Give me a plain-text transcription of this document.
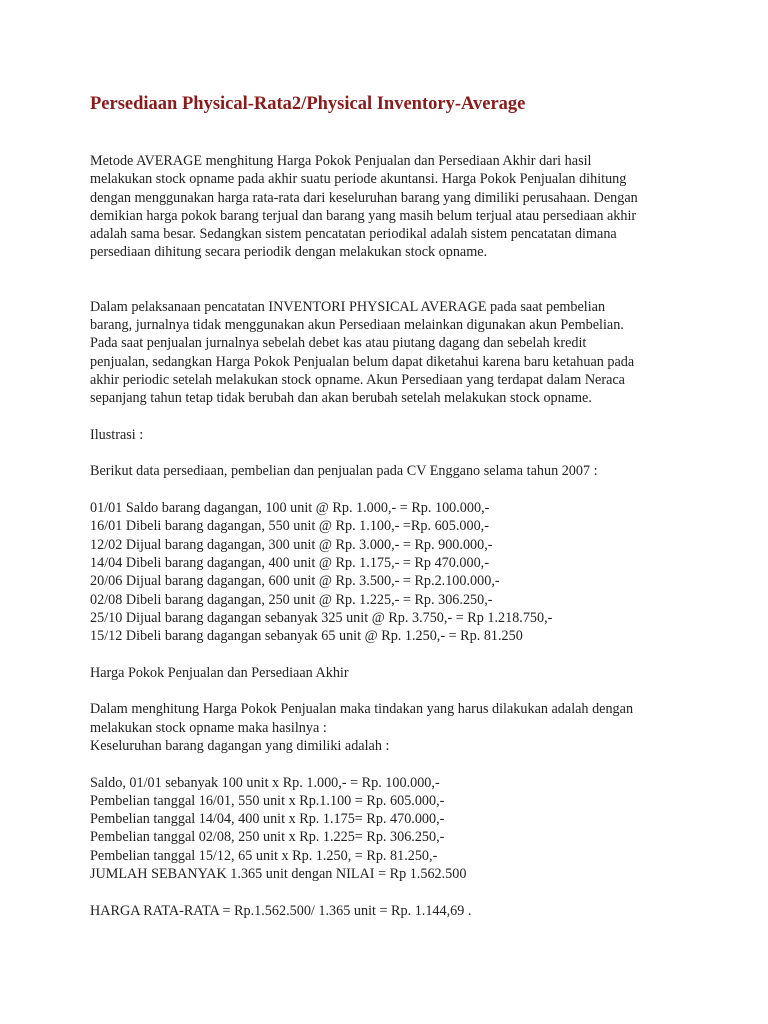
Persediaan Physical-Rata2/Physical Inventory-Average
Metode AVERAGE menghitung Harga Pokok Penjualan dan Persediaan Akhir dari hasil
melakukan stock opname pada akhir suatu periode akuntansi. Harga Pokok Penjualan dihitung
dengan menggunakan harga rata-rata dari keseluruhan barang yang dimiliki perusahaan. Dengan
demikian harga pokok barang terjual dan barang yang masih belum terjual atau persediaan akhir
adalah sama besar. Sedangkan sistem pencatatan periodikal adalah sistem pencatatan dimana
persediaan dihitung secara periodik dengan melakukan stock opname.
Dalam pelaksanaan pencatatan INVENTORI PHYSICAL AVERAGE pada saat pembelian
barang, jurnalnya tidak menggunakan akun Persediaan melainkan digunakan akun Pembelian.
Pada saat penjualan jurnalnya sebelah debet kas atau piutang dagang dan sebelah kredit
penjualan, sedangkan Harga Pokok Penjualan belum dapat diketahui karena baru ketahuan pada
akhir periodic setelah melakukan stock opname. Akun Persediaan yang terdapat dalam Neraca
sepanjang tahun tetap tidak berubah dan akan berubah setelah melakukan stock opname.
Ilustrasi :
Berikut data persediaan, pembelian dan penjualan pada CV Enggano selama tahun 2007 :
01/01 Saldo barang dagangan, 100 unit @ Rp. 1.000,- = Rp. 100.000,-
16/01 Dibeli barang dagangan, 550 unit @ Rp. 1.100,- =Rp. 605.000,-
12/02 Dijual barang dagangan, 300 unit @ Rp. 3.000,- = Rp. 900.000,-
14/04 Dibeli barang dagangan, 400 unit @ Rp. 1.175,- = Rp 470.000,-
20/06 Dijual barang dagangan, 600 unit @ Rp. 3.500,- = Rp.2.100.000,-
02/08 Dibeli barang dagangan, 250 unit @ Rp. 1.225,- = Rp. 306.250,-
25/10 Dijual barang dagangan sebanyak 325 unit @ Rp. 3.750,- = Rp 1.218.750,-
15/12 Dibeli barang dagangan sebanyak 65 unit @ Rp. 1.250,- = Rp. 81.250
Harga Pokok Penjualan dan Persediaan Akhir
Dalam menghitung Harga Pokok Penjualan maka tindakan yang harus dilakukan adalah dengan
melakukan stock opname maka hasilnya :
Keseluruhan barang dagangan yang dimiliki adalah :
Saldo, 01/01 sebanyak 100 unit x Rp. 1.000,- = Rp. 100.000,-
Pembelian tanggal 16/01, 550 unit x Rp.1.100 = Rp. 605.000,-
Pembelian tanggal 14/04, 400 unit x Rp. 1.175= Rp. 470.000,-
Pembelian tanggal 02/08, 250 unit x Rp. 1.225= Rp. 306.250,-
Pembelian tanggal 15/12, 65 unit x Rp. 1.250, = Rp. 81.250,-
JUMLAH SEBANYAK 1.365 unit dengan NILAI = Rp 1.562.500
HARGA RATA-RATA = Rp.1.562.500/ 1.365 unit = Rp. 1.144,69 .
